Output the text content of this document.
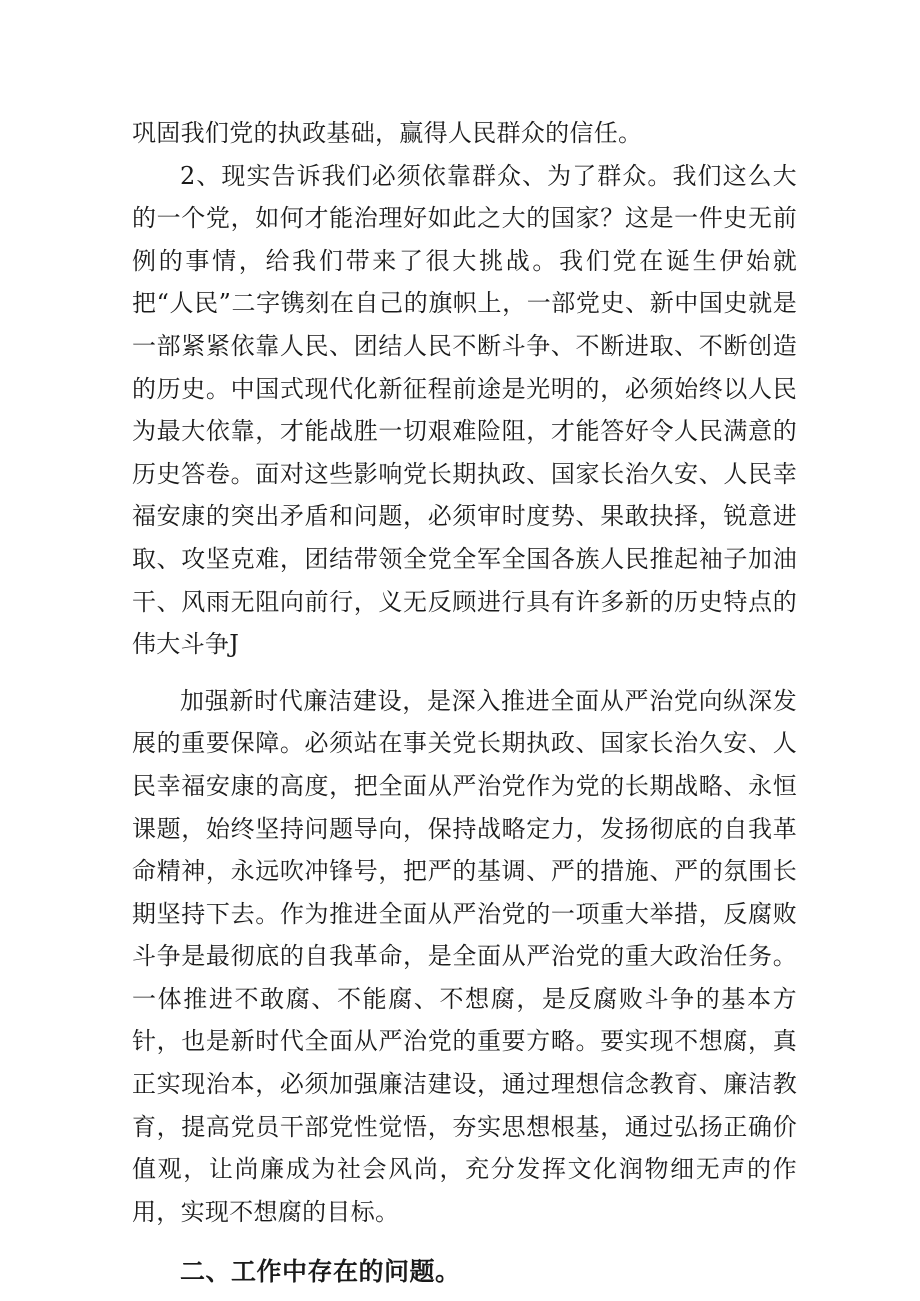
巩固我们党的执政基础，赢得人民群众的信任。

2、现实告诉我们必须依靠群众、为了群众。我们这么大的一个党，如何才能治理好如此之大的国家？这是一件史无前例的事情，给我们带来了很大挑战。我们党在诞生伊始就把“人民”二字镌刻在自己的旗帜上，一部党史、新中国史就是一部紧紧依靠人民、团结人民不断斗争、不断进取、不断创造的历史。中国式现代化新征程前途是光明的，必须始终以人民为最大依靠，才能战胜一切艰难险阻，才能答好令人民满意的历史答卷。面对这些影响党长期执政、国家长治久安、人民幸福安康的突出矛盾和问题，必须审时度势、果敢抉择，锐意进取、攻坚克难，团结带领全党全军全国各族人民推起袖子加油干、风雨无阻向前行，义无反顾进行具有许多新的历史特点的伟大斗争J

加强新时代廉洁建设，是深入推进全面从严治党向纵深发展的重要保障。必须站在事关党长期执政、国家长治久安、人民幸福安康的高度，把全面从严治党作为党的长期战略、永恒课题，始终坚持问题导向，保持战略定力，发扬彻底的自我革命精神，永远吹冲锋号，把严的基调、严的措施、严的氛围长期坚持下去。作为推进全面从严治党的一项重大举措，反腐败斗争是最彻底的自我革命，是全面从严治党的重大政治任务。一体推进不敢腐、不能腐、不想腐，是反腐败斗争的基本方针，也是新时代全面从严治党的重要方略。要实现不想腐，真正实现治本，必须加强廉洁建设，通过理想信念教育、廉洁教育，提高党员干部党性觉悟，夯实思想根基，通过弘扬正确价值观，让尚廉成为社会风尚，充分发挥文化润物细无声的作用，实现不想腐的目标。

二、工作中存在的问题。
